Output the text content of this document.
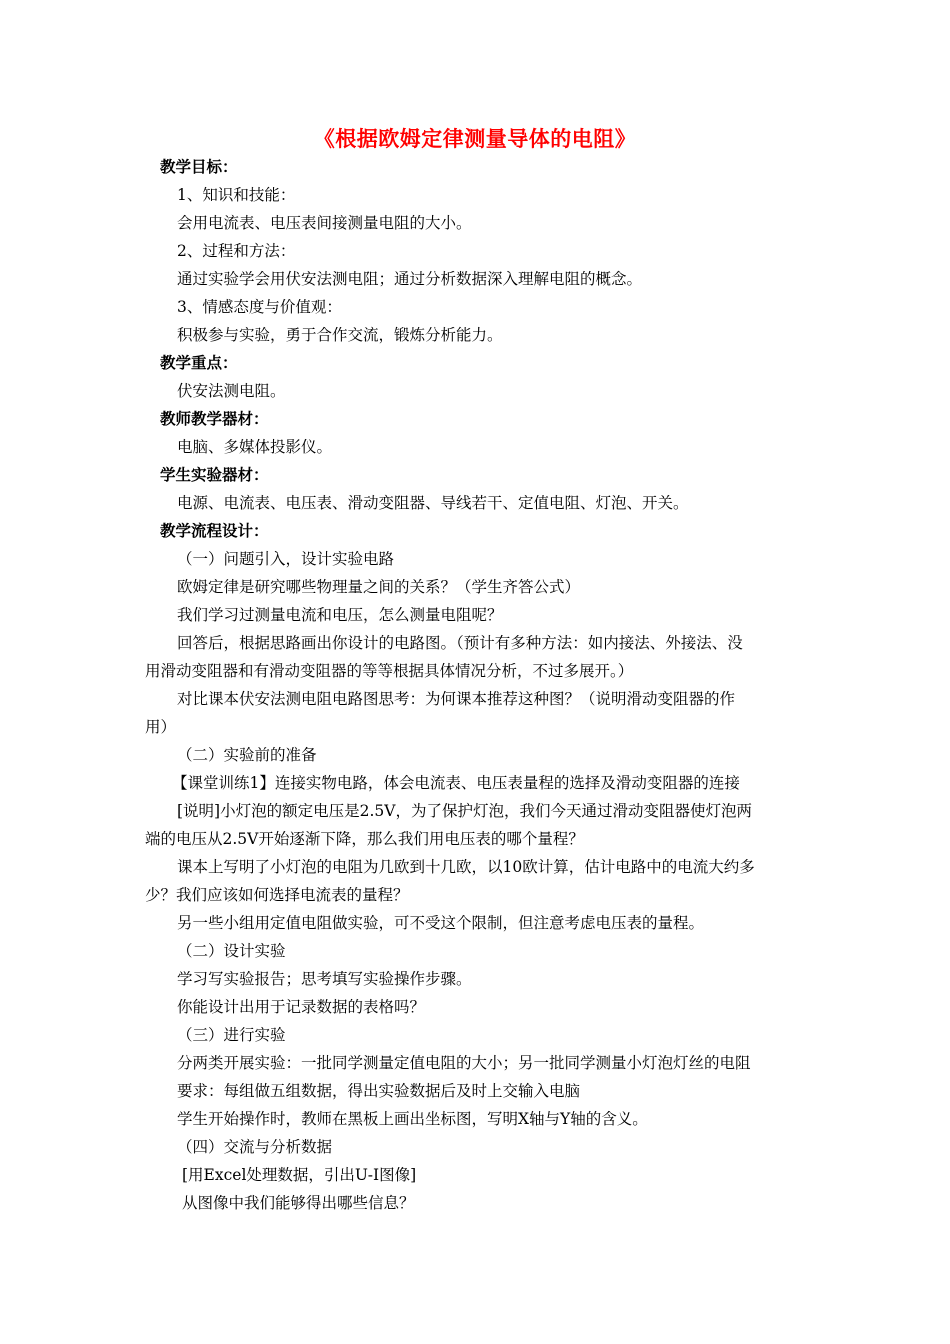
《根据欧姆定律测量导体的电阻》
教学目标：
1、知识和技能：
会用电流表、电压表间接测量电阻的大小。
2、过程和方法：
通过实验学会用伏安法测电阻；通过分析数据深入理解电阻的概念。
3、情感态度与价值观：
积极参与实验，勇于合作交流，锻炼分析能力。
教学重点：
伏安法测电阻。
教师教学器材：
电脑、多媒体投影仪。
学生实验器材：
电源、电流表、电压表、滑动变阻器、导线若干、定值电阻、灯泡、开关。
教学流程设计：
（一）问题引入，设计实验电路
欧姆定律是研究哪些物理量之间的关系？（学生齐答公式）
我们学习过测量电流和电压，怎么测量电阻呢？
回答后，根据思路画出你设计的电路图。（预计有多种方法：如内接法、外接法、没
用滑动变阻器和有滑动变阻器的等等根据具体情况分析，不过多展开。）
对比课本伏安法测电阻电路图思考：为何课本推荐这种图？（说明滑动变阻器的作
用）
（二）实验前的准备
【课堂训练1】连接实物电路，体会电流表、电压表量程的选择及滑动变阻器的连接
[说明]小灯泡的额定电压是2.5V，为了保护灯泡，我们今天通过滑动变阻器使灯泡两
端的电压从2.5V开始逐渐下降，那么我们用电压表的哪个量程？
课本上写明了小灯泡的电阻为几欧到十几欧，以10欧计算，估计电路中的电流大约多
少？我们应该如何选择电流表的量程？
另一些小组用定值电阻做实验，可不受这个限制，但注意考虑电压表的量程。
（二）设计实验
学习写实验报告；思考填写实验操作步骤。
你能设计出用于记录数据的表格吗？
（三）进行实验
分两类开展实验：一批同学测量定值电阻的大小；另一批同学测量小灯泡灯丝的电阻
要求：每组做五组数据，得出实验数据后及时上交输入电脑
学生开始操作时，教师在黑板上画出坐标图，写明X轴与Y轴的含义。
（四）交流与分析数据
[用Excel处理数据，引出U-I图像]
从图像中我们能够得出哪些信息？
